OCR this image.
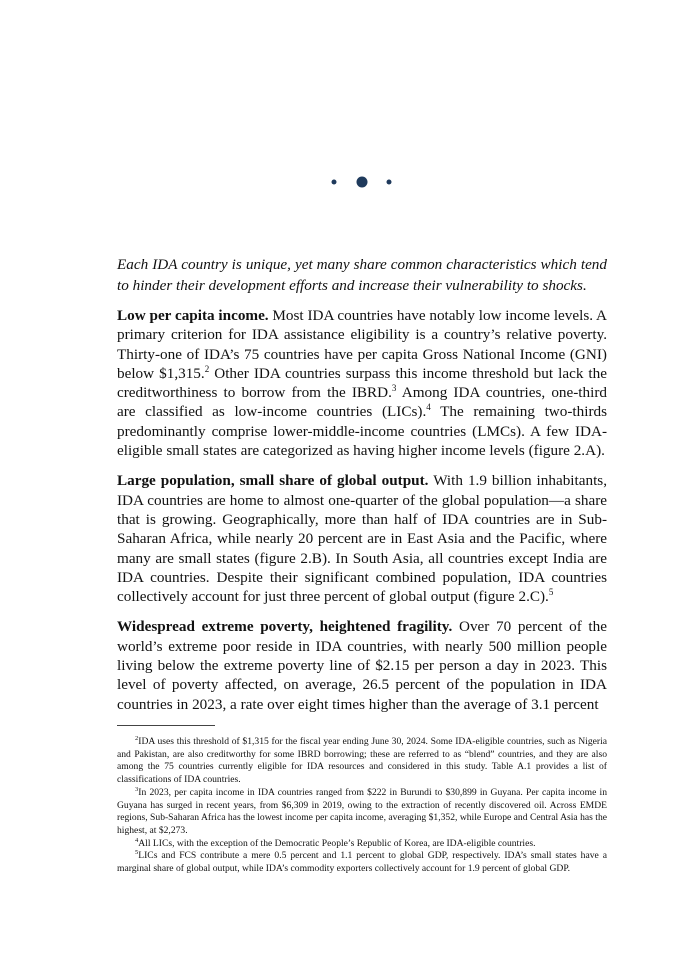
Each IDA country is unique, yet many share common characteristics which tend to hinder their development efforts and increase their vulnerability to shocks.

Low per capita income. Most IDA countries have notably low income levels. A primary criterion for IDA assistance eligibility is a country’s relative poverty. Thirty-one of IDA’s 75 countries have per capita Gross National Income (GNI) below $1,315.$^2$ Other IDA countries surpass this income threshold but lack the creditworthiness to borrow from the IBRD.$^3$ Among IDA countries, one-third are classified as low-income countries (LICs).$^4$ The remaining two-thirds predominantly comprise lower-middle-income countries (LMCs). A few IDA-eligible small states are categorized as having higher income levels (figure 2.A).

Large population, small share of global output. With 1.9 billion inhabitants, IDA countries are home to almost one-quarter of the global population—a share that is growing. Geographically, more than half of IDA countries are in Sub-Saharan Africa, while nearly 20 percent are in East Asia and the Pacific, where many are small states (figure 2.B). In South Asia, all countries except India are IDA countries. Despite their significant combined population, IDA countries collectively account for just three percent of global output (figure 2.C).$^5$

Widespread extreme poverty, heightened fragility. Over 70 percent of the world’s extreme poor reside in IDA countries, with nearly 500 million people living below the extreme poverty line of $2.15 per person a day in 2023. This level of poverty affected, on average, 26.5 percent of the population in IDA countries in 2023, a rate over eight times higher than the average of 3.1 percent

$^2$IDA uses this threshold of $1,315 for the fiscal year ending June 30, 2024. Some IDA-eligible countries, such as Nigeria and Pakistan, are also creditworthy for some IBRD borrowing; these are referred to as “blend” countries, and they are also among the 75 countries currently eligible for IDA resources and considered in this study. Table A.1 provides a list of classifications of IDA countries.

$^3$In 2023, per capita income in IDA countries ranged from $222 in Burundi to $30,899 in Guyana. Per capita income in Guyana has surged in recent years, from $6,309 in 2019, owing to the extraction of recently discovered oil. Across EMDE regions, Sub-Saharan Africa has the lowest income per capita income, averaging $1,352, while Europe and Central Asia has the highest, at $2,273.

$^4$All LICs, with the exception of the Democratic People’s Republic of Korea, are IDA-eligible countries.

$^5$LICs and FCS contribute a mere 0.5 percent and 1.1 percent to global GDP, respectively. IDA’s small states have a marginal share of global output, while IDA’s commodity exporters collectively account for 1.9 percent of global GDP.
